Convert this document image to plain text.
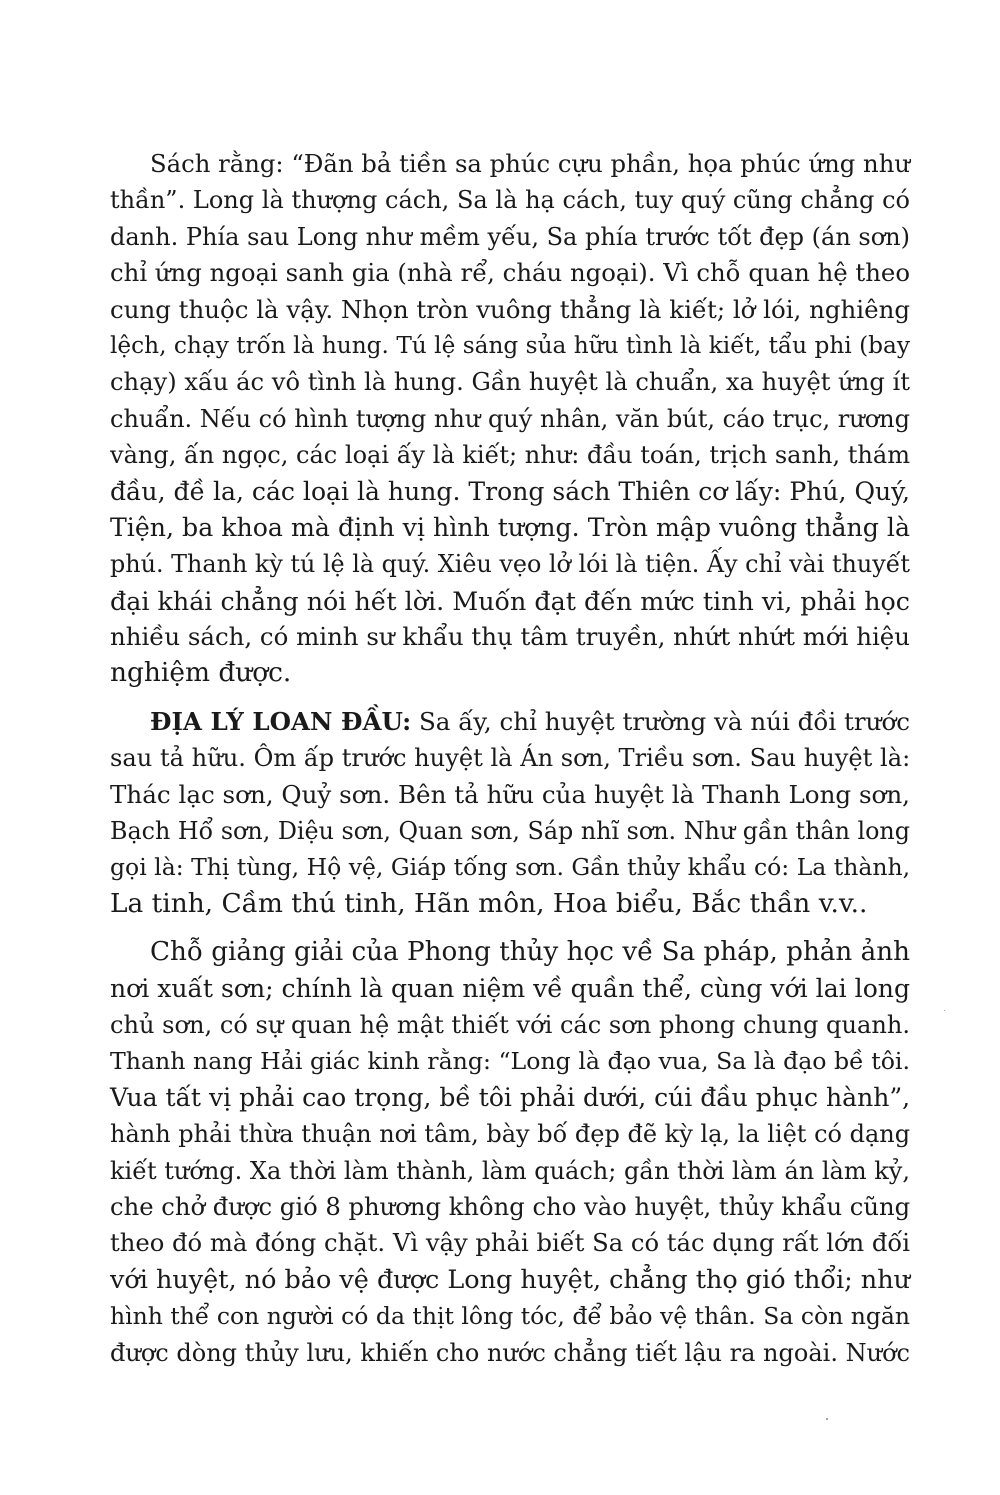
Sách rằng: “Đãn bả tiền sa phúc cựu phần, họa phúc ứng như
thần”. Long là thượng cách, Sa là hạ cách, tuy quý cũng chẳng có
danh. Phía sau Long như mềm yếu, Sa phía trước tốt đẹp (án sơn)
chỉ ứng ngoại sanh gia (nhà rể, cháu ngoại). Vì chỗ quan hệ theo
cung thuộc là vậy. Nhọn tròn vuông thẳng là kiết; lở lói, nghiêng
lệch, chạy trốn là hung. Tú lệ sáng sủa hữu tình là kiết, tẩu phi (bay
chạy) xấu ác vô tình là hung. Gần huyệt là chuẩn, xa huyệt ứng ít
chuẩn. Nếu có hình tượng như quý nhân, văn bút, cáo trục, rương
vàng, ấn ngọc, các loại ấy là kiết; như: đầu toán, trịch sanh, thám
đầu, đề la, các loại là hung. Trong sách Thiên cơ lấy: Phú, Quý,
Tiện, ba khoa mà định vị hình tượng. Tròn mập vuông thẳng là
phú. Thanh kỳ tú lệ là quý. Xiêu vẹo lở lói là tiện. Ấy chỉ vài thuyết
đại khái chẳng nói hết lời. Muốn đạt đến mức tinh vi, phải học
nhiều sách, có minh sư khẩu thụ tâm truyền, nhứt nhứt mới hiệu
nghiệm được.
ĐỊA LÝ LOAN ĐẦU: Sa ấy, chỉ huyệt trường và núi đồi trước
sau tả hữu. Ôm ấp trước huyệt là Án sơn, Triều sơn. Sau huyệt là:
Thác lạc sơn, Quỷ sơn. Bên tả hữu của huyệt là Thanh Long sơn,
Bạch Hổ sơn, Diệu sơn, Quan sơn, Sáp nhĩ sơn. Như gần thân long
gọi là: Thị tùng, Hộ vệ, Giáp tống sơn. Gần thủy khẩu có: La thành,
La tinh, Cầm thú tinh, Hãn môn, Hoa biểu, Bắc thần v.v..
Chỗ giảng giải của Phong thủy học về Sa pháp, phản ảnh
nơi xuất sơn; chính là quan niệm về quần thể, cùng với lai long
chủ sơn, có sự quan hệ mật thiết với các sơn phong chung quanh.
Thanh nang Hải giác kinh rằng: “Long là đạo vua, Sa là đạo bề tôi.
Vua tất vị phải cao trọng, bề tôi phải dưới, cúi đầu phục hành”,
hành phải thừa thuận nơi tâm, bày bố đẹp đẽ kỳ lạ, la liệt có dạng
kiết tướng. Xa thời làm thành, làm quách; gần thời làm án làm kỷ,
che chở được gió 8 phương không cho vào huyệt, thủy khẩu cũng
theo đó mà đóng chặt. Vì vậy phải biết Sa có tác dụng rất lớn đối
với huyệt, nó bảo vệ được Long huyệt, chẳng thọ gió thổi; như
hình thể con người có da thịt lông tóc, để bảo vệ thân. Sa còn ngăn
được dòng thủy lưu, khiến cho nước chẳng tiết lậu ra ngoài. Nước
